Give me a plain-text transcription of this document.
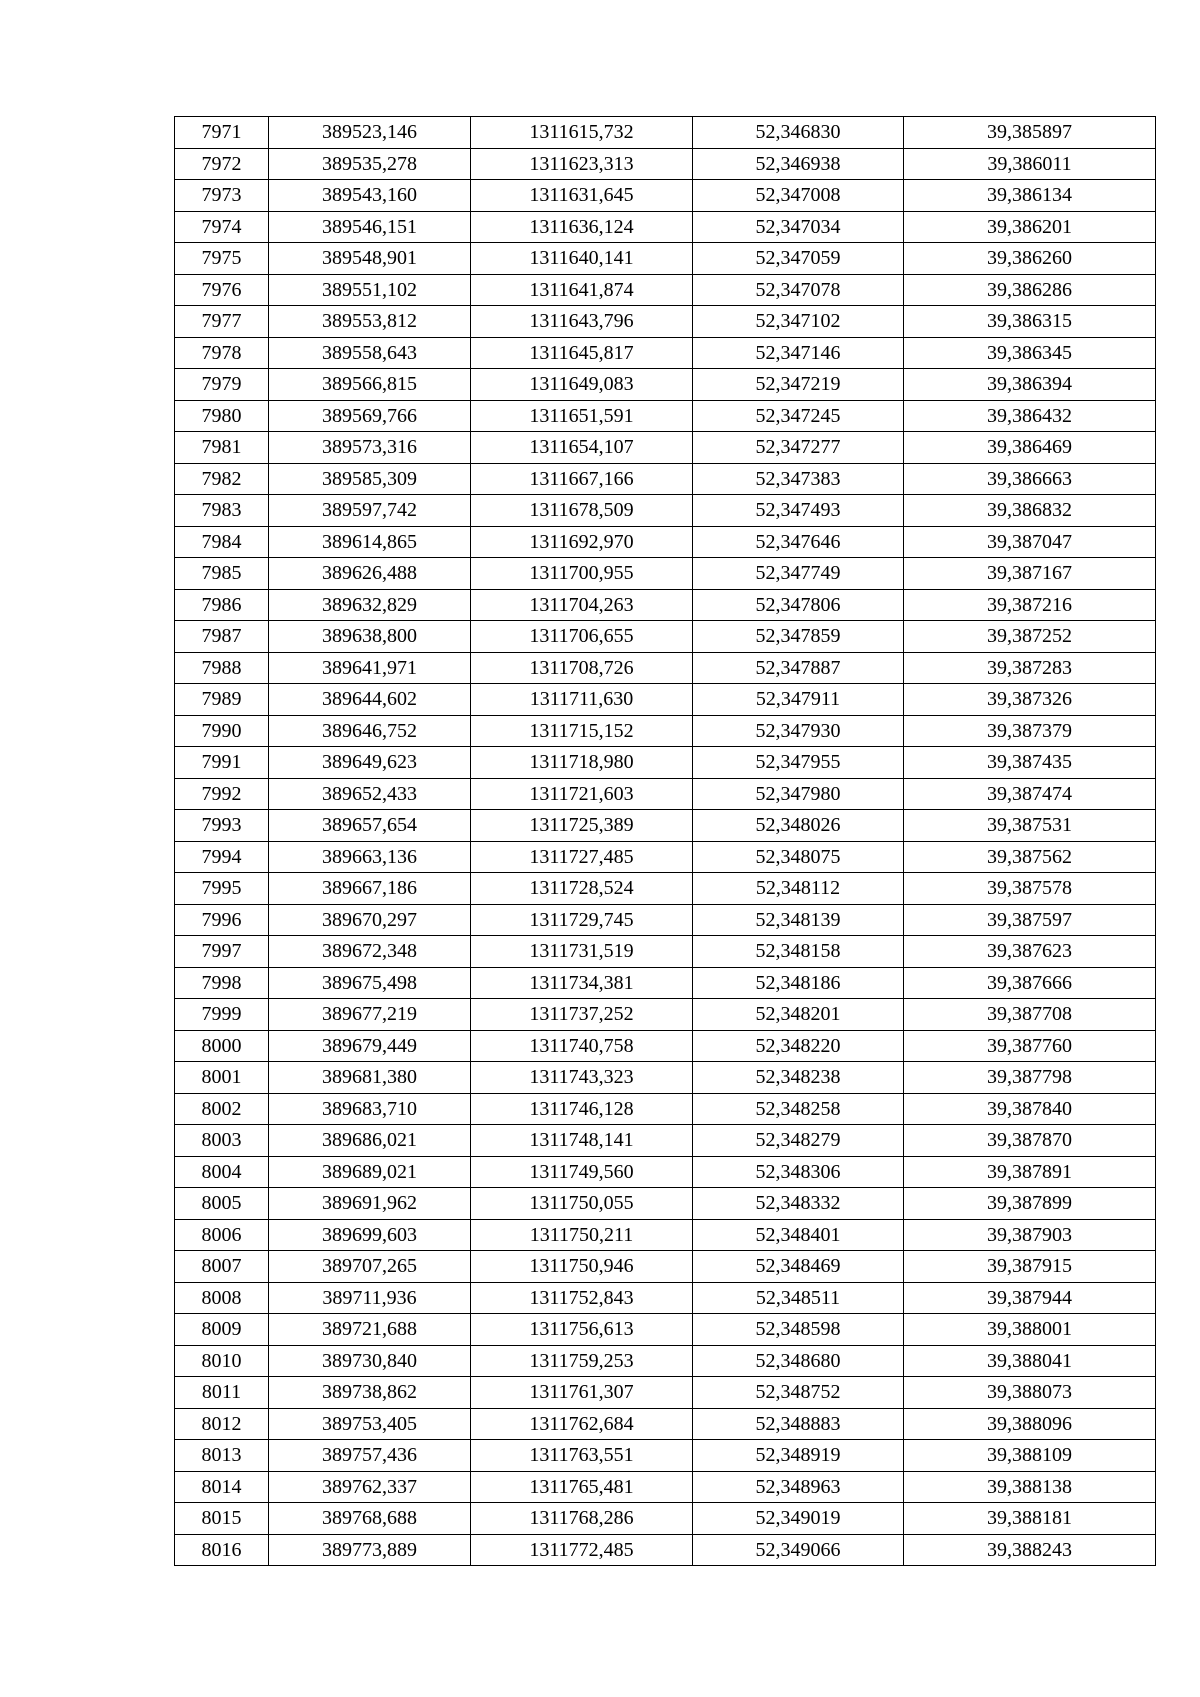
7971	389523,146	1311615,732	52,346830	39,385897
7972	389535,278	1311623,313	52,346938	39,386011
7973	389543,160	1311631,645	52,347008	39,386134
7974	389546,151	1311636,124	52,347034	39,386201
7975	389548,901	1311640,141	52,347059	39,386260
7976	389551,102	1311641,874	52,347078	39,386286
7977	389553,812	1311643,796	52,347102	39,386315
7978	389558,643	1311645,817	52,347146	39,386345
7979	389566,815	1311649,083	52,347219	39,386394
7980	389569,766	1311651,591	52,347245	39,386432
7981	389573,316	1311654,107	52,347277	39,386469
7982	389585,309	1311667,166	52,347383	39,386663
7983	389597,742	1311678,509	52,347493	39,386832
7984	389614,865	1311692,970	52,347646	39,387047
7985	389626,488	1311700,955	52,347749	39,387167
7986	389632,829	1311704,263	52,347806	39,387216
7987	389638,800	1311706,655	52,347859	39,387252
7988	389641,971	1311708,726	52,347887	39,387283
7989	389644,602	1311711,630	52,347911	39,387326
7990	389646,752	1311715,152	52,347930	39,387379
7991	389649,623	1311718,980	52,347955	39,387435
7992	389652,433	1311721,603	52,347980	39,387474
7993	389657,654	1311725,389	52,348026	39,387531
7994	389663,136	1311727,485	52,348075	39,387562
7995	389667,186	1311728,524	52,348112	39,387578
7996	389670,297	1311729,745	52,348139	39,387597
7997	389672,348	1311731,519	52,348158	39,387623
7998	389675,498	1311734,381	52,348186	39,387666
7999	389677,219	1311737,252	52,348201	39,387708
8000	389679,449	1311740,758	52,348220	39,387760
8001	389681,380	1311743,323	52,348238	39,387798
8002	389683,710	1311746,128	52,348258	39,387840
8003	389686,021	1311748,141	52,348279	39,387870
8004	389689,021	1311749,560	52,348306	39,387891
8005	389691,962	1311750,055	52,348332	39,387899
8006	389699,603	1311750,211	52,348401	39,387903
8007	389707,265	1311750,946	52,348469	39,387915
8008	389711,936	1311752,843	52,348511	39,387944
8009	389721,688	1311756,613	52,348598	39,388001
8010	389730,840	1311759,253	52,348680	39,388041
8011	389738,862	1311761,307	52,348752	39,388073
8012	389753,405	1311762,684	52,348883	39,388096
8013	389757,436	1311763,551	52,348919	39,388109
8014	389762,337	1311765,481	52,348963	39,388138
8015	389768,688	1311768,286	52,349019	39,388181
8016	389773,889	1311772,485	52,349066	39,388243
